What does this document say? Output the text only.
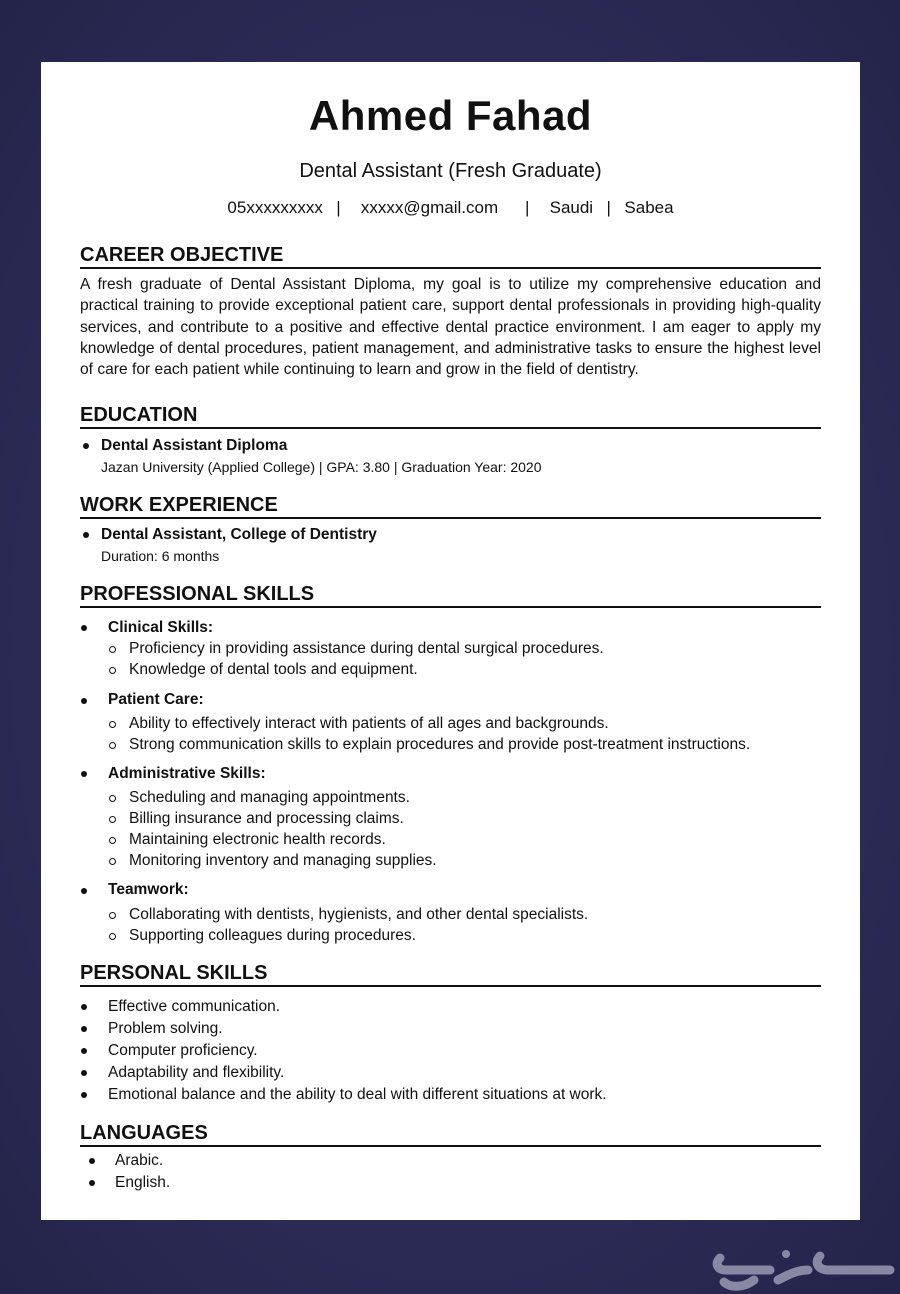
Ahmed Fahad
Dental Assistant (Fresh Graduate)
05xxxxxxxxx  |   xxxxx@gmail.com    |   Saudi  |  Sabea
CAREER OBJECTIVE
A fresh graduate of Dental Assistant Diploma, my goal is to utilize my comprehensive education and practical training to provide exceptional patient care, support dental professionals in providing high-quality services, and contribute to a positive and effective dental practice environment. I am eager to apply my knowledge of dental procedures, patient management, and administrative tasks to ensure the highest level of care for each patient while continuing to learn and grow in the field of dentistry.
EDUCATION
Dental Assistant Diploma
Jazan University (Applied College) | GPA: 3.80 | Graduation Year: 2020
WORK EXPERIENCE
Dental Assistant, College of Dentistry
Duration: 6 months
PROFESSIONAL SKILLS
Clinical Skills:
Proficiency in providing assistance during dental surgical procedures.
Knowledge of dental tools and equipment.
Patient Care:
Ability to effectively interact with patients of all ages and backgrounds.
Strong communication skills to explain procedures and provide post-treatment instructions.
Administrative Skills:
Scheduling and managing appointments.
Billing insurance and processing claims.
Maintaining electronic health records.
Monitoring inventory and managing supplies.
Teamwork:
Collaborating with dentists, hygienists, and other dental specialists.
Supporting colleagues during procedures.
PERSONAL SKILLS
Effective communication.
Problem solving.
Computer proficiency.
Adaptability and flexibility.
Emotional balance and the ability to deal with different situations at work.
LANGUAGES
Arabic.
English.
